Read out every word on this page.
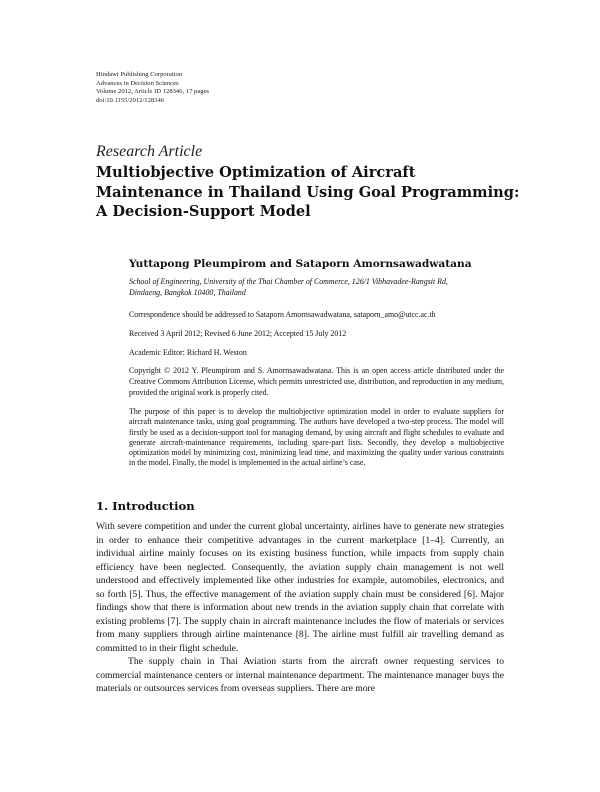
Hindawi Publishing Corporation
Advances in Decision Sciences
Volume 2012, Article ID 128346, 17 pages
doi:10.1155/2012/128346
Research Article
Multiobjective Optimization of Aircraft
Maintenance in Thailand Using Goal Programming:
A Decision-Support Model
Yuttapong Pleumpirom and Sataporn Amornsawadwatana
School of Engineering, University of the Thai Chamber of Commerce, 126/1 Vibhavadee-Rangsit Rd,
Dindaeng, Bangkok 10400, Thailand
Correspondence should be addressed to Sataporn Amornsawadwatana, sataporn_amo@utcc.ac.th
Received 3 April 2012; Revised 6 June 2012; Accepted 15 July 2012
Academic Editor: Richard H. Weston
Copyright © 2012 Y. Pleumpirom and S. Amornsawadwatana. This is an open access article distributed under the Creative Commons Attribution License, which permits unrestricted use, distribution, and reproduction in any medium, provided the original work is properly cited.
The purpose of this paper is to develop the multiobjective optimization model in order to evaluate suppliers for aircraft maintenance tasks, using goal programming. The authors have developed a two-step process. The model will firstly be used as a decision-support tool for managing demand, by using aircraft and flight schedules to evaluate and generate aircraft-maintenance requirements, including spare-part lists. Secondly, they develop a multiobjective optimization model by minimizing cost, minimizing lead time, and maximizing the quality under various constraints in the model. Finally, the model is implemented in the actual airline’s case.
1. Introduction

With severe competition and under the current global uncertainty, airlines have to generate new strategies in order to enhance their competitive advantages in the current marketplace [1–4]. Currently, an individual airline mainly focuses on its existing business function, while impacts from supply chain efficiency have been neglected. Consequently, the aviation supply chain management is not well understood and effectively implemented like other industries for example, automobiles, electronics, and so forth [5]. Thus, the effective management of the aviation supply chain must be considered [6]. Major findings show that there is information about new trends in the aviation supply chain that correlate with existing problems [7]. The supply chain in aircraft maintenance includes the flow of materials or services from many suppliers through airline maintenance [8]. The airline must fulfill air travelling demand as committed to in their flight schedule.

The supply chain in Thai Aviation starts from the aircraft owner requesting services to commercial maintenance centers or internal maintenance department. The maintenance manager buys the materials or outsources services from overseas suppliers. There are more
